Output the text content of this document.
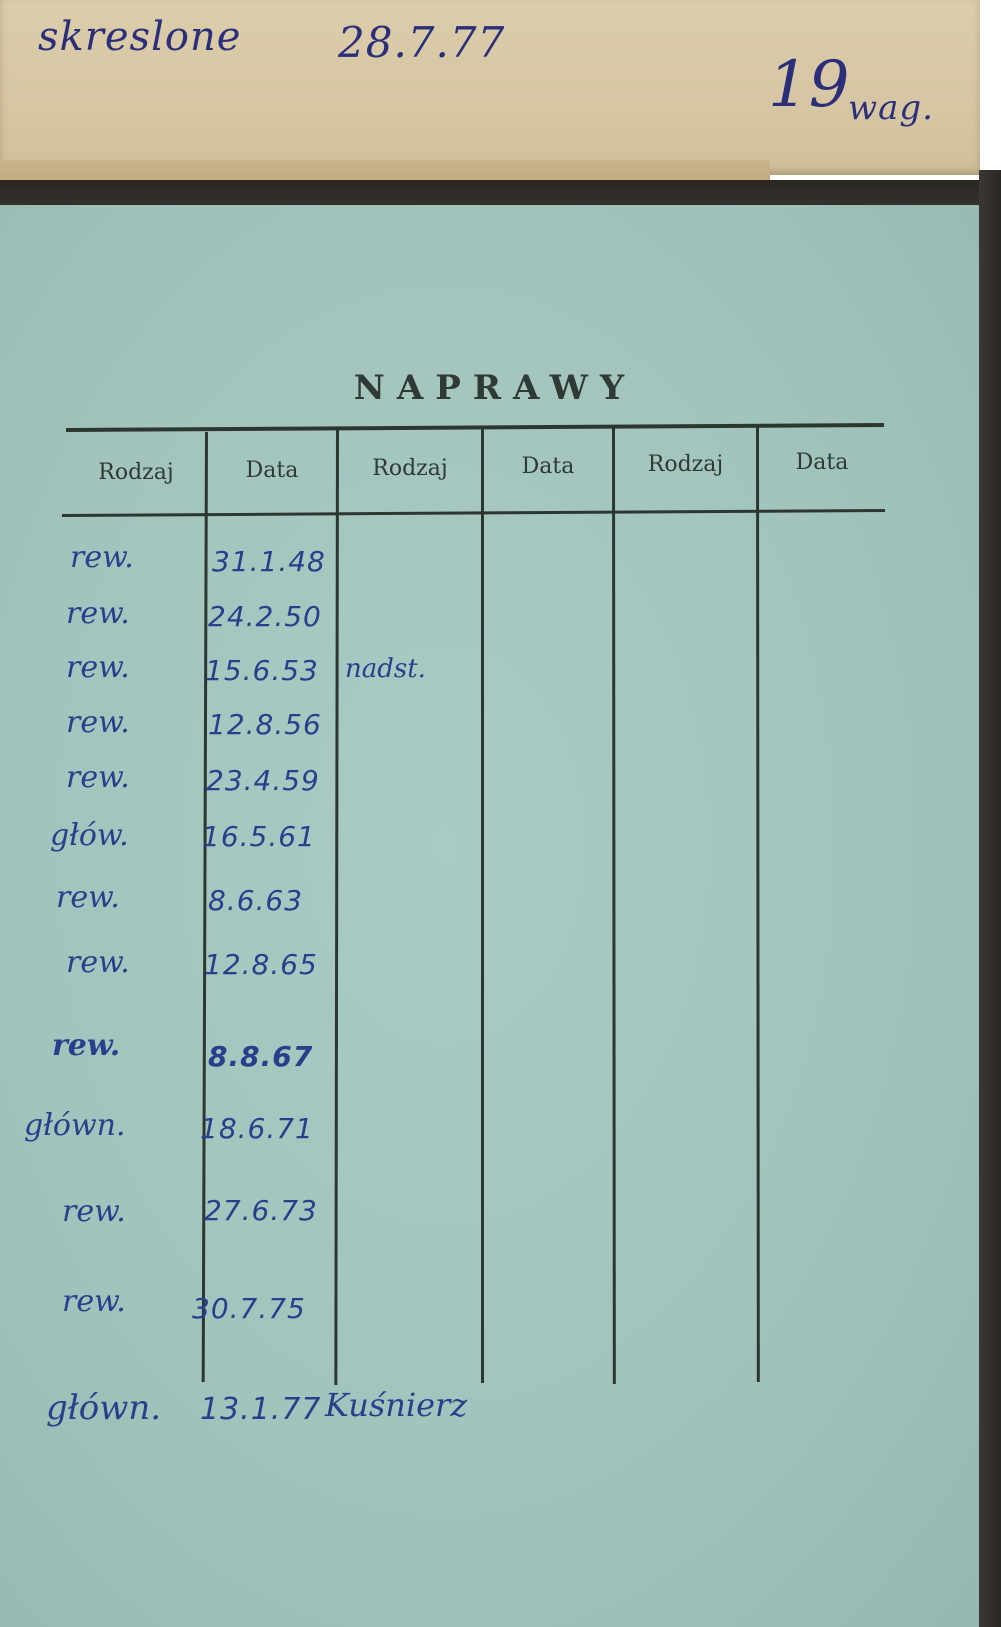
skreslone 28.7.77
19
wag.
NAPRAWY
Rodzaj	Data	Rodzaj	Data	Rodzaj	Data
rew.	31.1.48
rew.	24.2.50
rew.	15.6.53 nadst.
rew.	12.8.56
rew.	23.4.59
głów.	16.5.61
rew.	8.6.63
rew.	12.8.65
rew.	8.8.67
główn.	18.6.71
rew.	27.6.73
rew. 30.7.75
główn. 13.1.77 Kuśnierz
